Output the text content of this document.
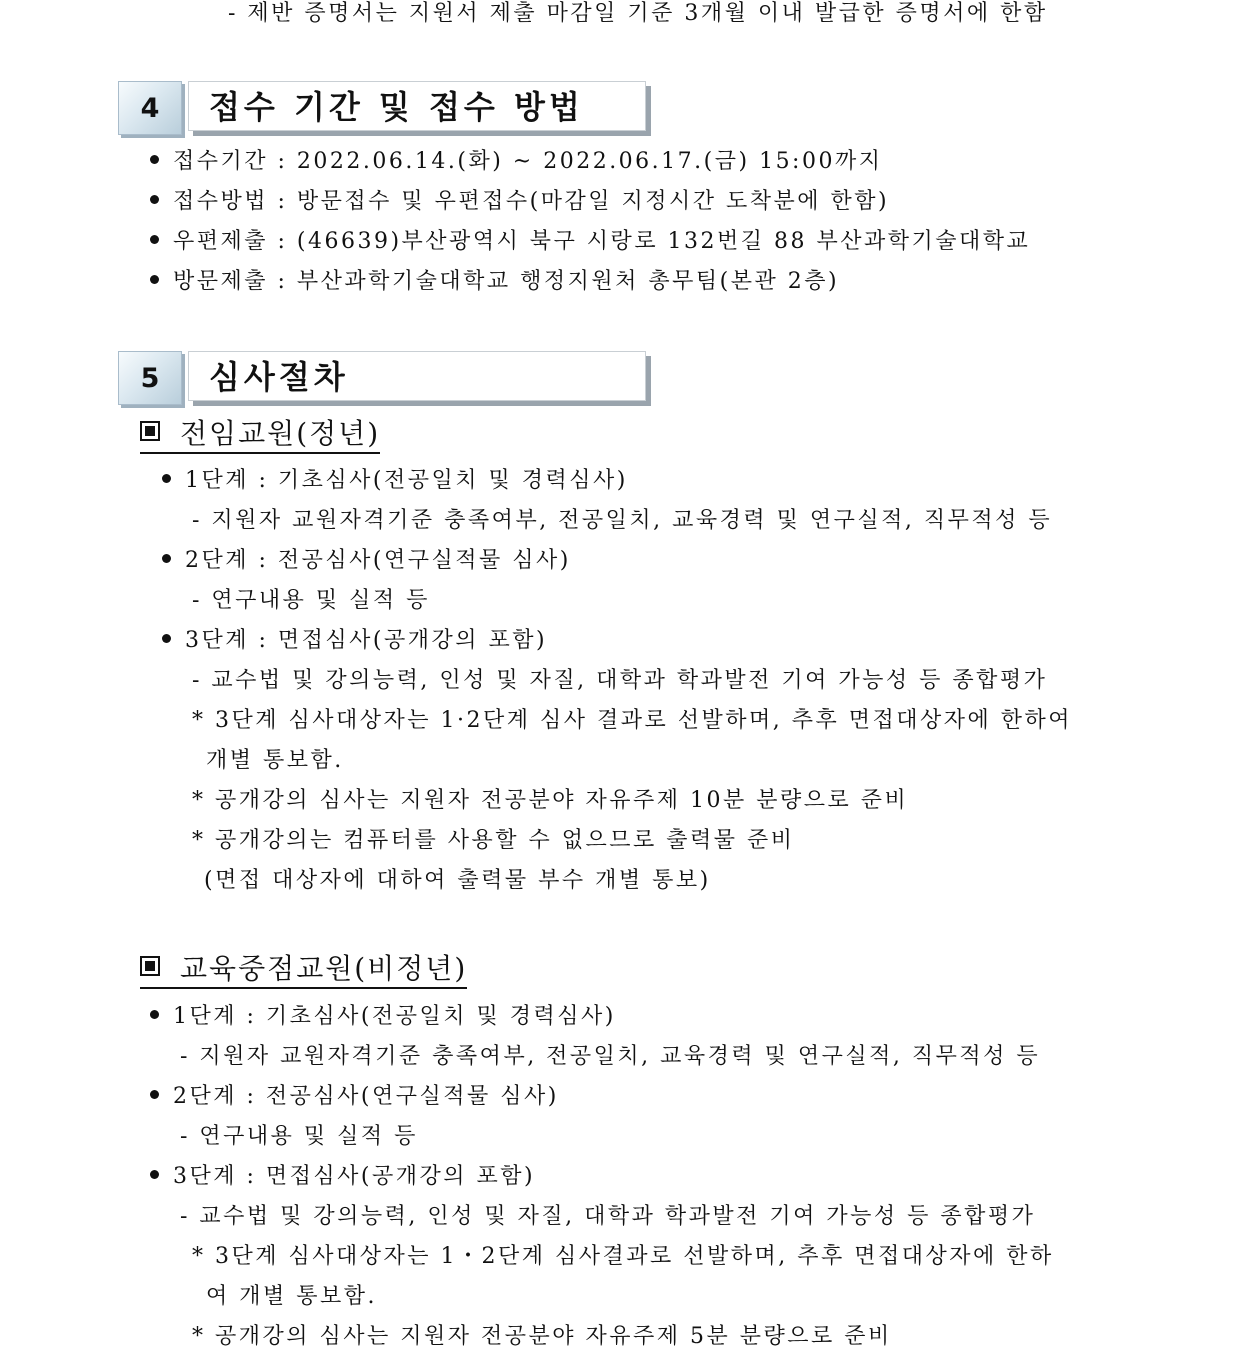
- 제반 증명서는 지원서 제출 마감일 기준 3개월 이내 발급한 증명서에 한함
4	접수 기간 및 접수 방법
접수기간 : 2022.06.14.(화) ~ 2022.06.17.(금) 15:00까지
접수방법 : 방문접수 및 우편접수(마감일 지정시간 도착분에 한함)
우편제출 : (46639)부산광역시 북구 시랑로 132번길 88 부산과학기술대학교
방문제출 : 부산과학기술대학교 행정지원처 총무팀(본관 2층)
5	심사절차
전임교원(정년)
1단계 : 기초심사(전공일치 및 경력심사)
- 지원자 교원자격기준 충족여부, 전공일치, 교육경력 및 연구실적, 직무적성 등
2단계 : 전공심사(연구실적물 심사)
- 연구내용 및 실적 등
3단계 : 면접심사(공개강의 포함)
- 교수법 및 강의능력, 인성 및 자질, 대학과 학과발전 기여 가능성 등 종합평가
* 3단계 심사대상자는 1·2단계 심사 결과로 선발하며, 추후 면접대상자에 한하여
개별 통보함.
* 공개강의 심사는 지원자 전공분야 자유주제 10분 분량으로 준비
* 공개강의는 컴퓨터를 사용할 수 없으므로 출력물 준비
(면접 대상자에 대하여 출력물 부수 개별 통보)
교육중점교원(비정년)
1단계 : 기초심사(전공일치 및 경력심사)
- 지원자 교원자격기준 충족여부, 전공일치, 교육경력 및 연구실적, 직무적성 등
2단계 : 전공심사(연구실적물 심사)
- 연구내용 및 실적 등
3단계 : 면접심사(공개강의 포함)
- 교수법 및 강의능력, 인성 및 자질, 대학과 학과발전 기여 가능성 등 종합평가
* 3단계 심사대상자는 1・2단계 심사결과로 선발하며, 추후 면접대상자에 한하
여 개별 통보함.
* 공개강의 심사는 지원자 전공분야 자유주제 5분 분량으로 준비
